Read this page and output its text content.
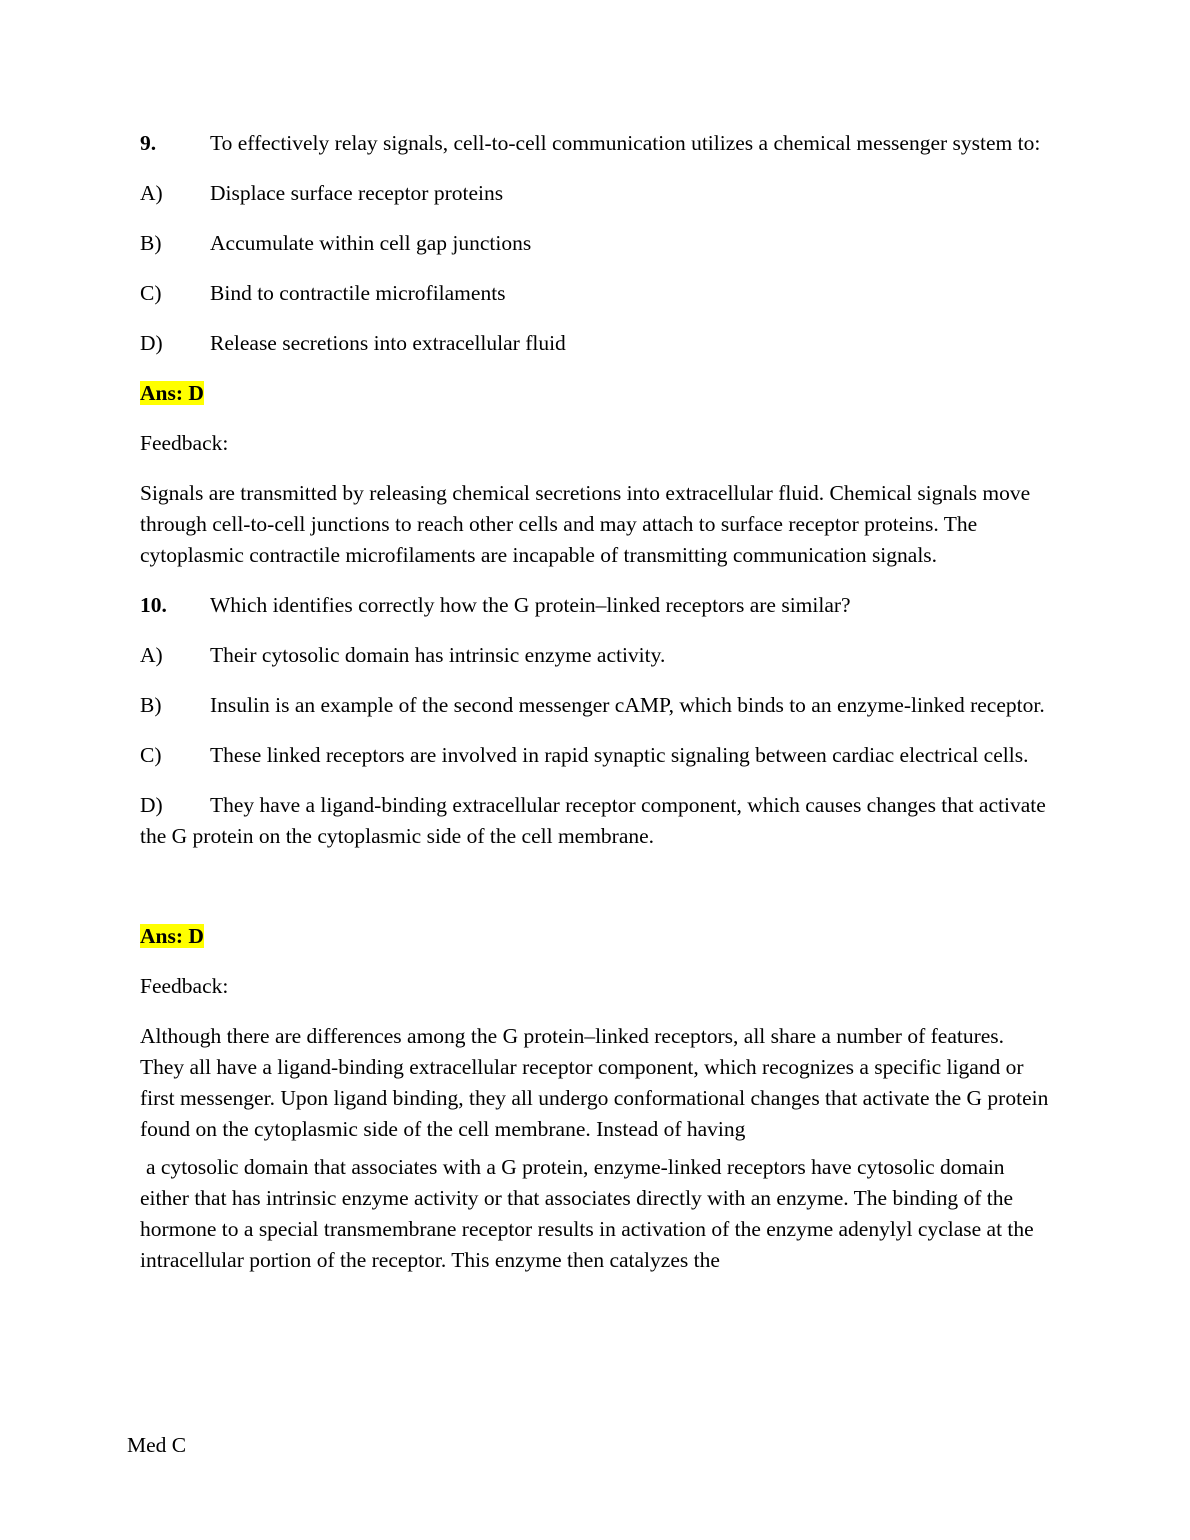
9.	To effectively relay signals, cell-to-cell communication utilizes a chemical messenger system to:

A) Displace surface receptor proteins

B) Accumulate within cell gap junctions

C) Bind to contractile microfilaments

D) Release secretions into extracellular fluid

Ans: D

Feedback:

Signals are transmitted by releasing chemical secretions into extracellular fluid. Chemical signals move through cell-to-cell junctions to reach other cells and may attach to surface receptor proteins. The cytoplasmic contractile microfilaments are incapable of transmitting communication signals.

10. Which identifies correctly how the G protein–linked receptors are similar?

A) Their cytosolic domain has intrinsic enzyme activity.

B) Insulin is an example of the second messenger cAMP, which binds to an enzyme-linked receptor.

C) These linked receptors are involved in rapid synaptic signaling between cardiac electrical cells.

D) They have a ligand-binding extracellular receptor component, which causes changes that activate the G protein on the cytoplasmic side of the cell membrane.

Ans: D

Feedback:

Although there are differences among the G protein–linked receptors, all share a number of features. They all have a ligand-binding extracellular receptor component, which recognizes a specific ligand or first messenger. Upon ligand binding, they all undergo conformational changes that activate the G protein found on the cytoplasmic side of the cell membrane. Instead of having

a cytosolic domain that associates with a G protein, enzyme-linked receptors have cytosolic domain either that has intrinsic enzyme activity or that associates directly with an enzyme. The binding of the hormone to a special transmembrane receptor results in activation of the enzyme adenylyl cyclase at the intracellular portion of the receptor. This enzyme then catalyzes the

Med C
